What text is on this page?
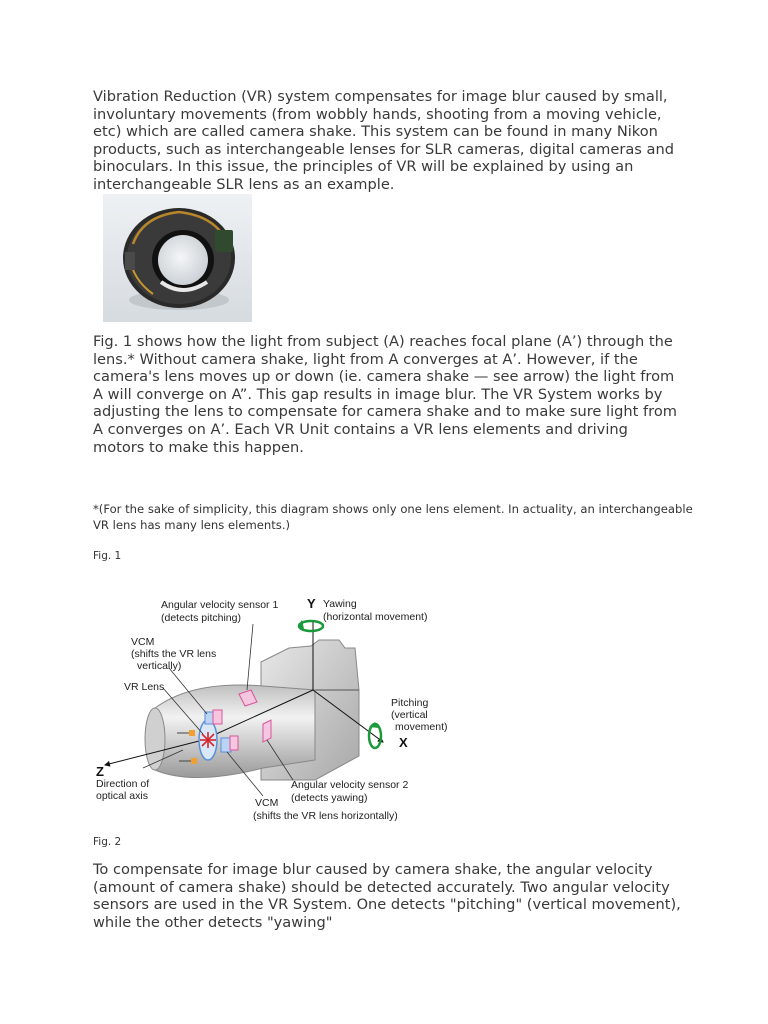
Vibration Reduction (VR) system compensates for image blur caused by small, involuntary movements (from wobbly hands, shooting from a moving vehicle, etc) which are called camera shake. This system can be found in many Nikon products, such as interchangeable lenses for SLR cameras, digital cameras and binoculars. In this issue, the principles of VR will be explained by using an interchangeable SLR lens as an example.

Fig. 1 shows how the light from subject (A) reaches focal plane (A’) through the lens.* Without camera shake, light from A converges at A’. However, if the camera's lens moves up or down (ie. camera shake — see arrow) the light from A will converge on A”. This gap results in image blur. The VR System works by adjusting the lens to compensate for camera shake and to make sure light from A converges on A’. Each VR Unit contains a VR lens elements and driving motors to make this happen.

*(For the sake of simplicity, this diagram shows only one lens element. In actuality, an interchangeable VR lens has many lens elements.)

Fig. 1

Angular velocity sensor 1
(detects pitching)
Y Yawing
(horizontal movement)
VCM
(shifts the VR lens
vertically)
VR Lens
Pitching
(vertical
movement)
X
Z
Direction of
optical axis
Angular velocity sensor 2
(detects yawing)
VCM
(shifts the VR lens horizontally)

Fig. 2

To compensate for image blur caused by camera shake, the angular velocity (amount of camera shake) should be detected accurately. Two angular velocity sensors are used in the VR System. One detects "pitching" (vertical movement), while the other detects "yawing"
